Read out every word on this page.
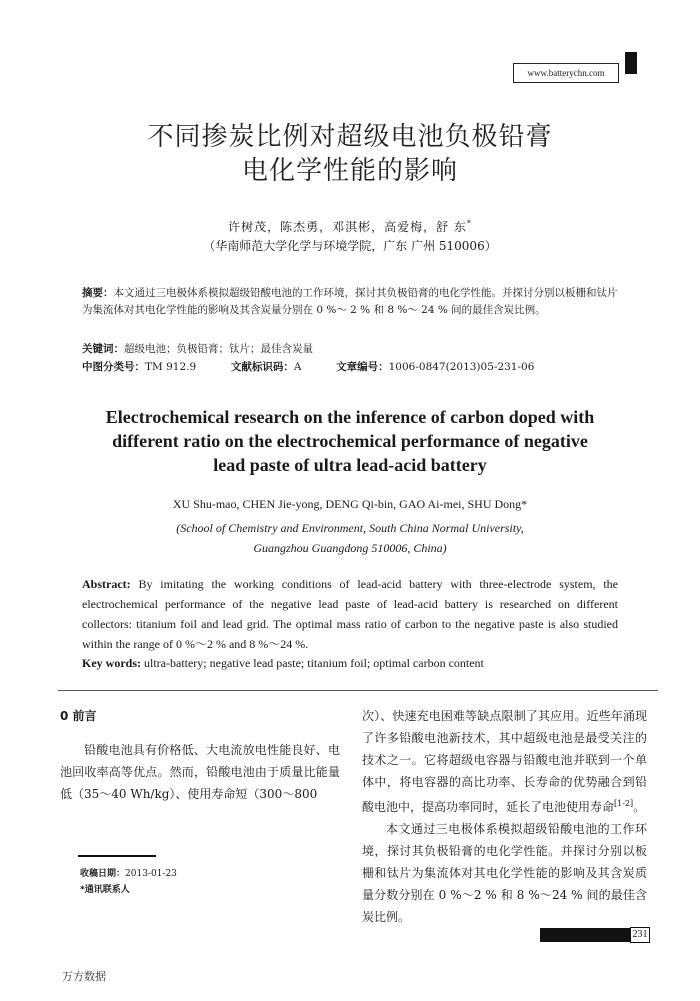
www.batterychn.com
不同掺炭比例对超级电池负极铅膏
电化学性能的影响
许树茂，陈杰勇，邓淇彬，高爱梅，舒 东*
（华南师范大学化学与环境学院，广东 广州 510006）
摘要：本文通过三电极体系模拟超级铅酸电池的工作环境，探讨其负极铅膏的电化学性能。并探讨分别以板栅和钛片为集流体对其电化学性能的影响及其含炭量分别在 0 %～ 2 % 和 8 %～ 24 % 间的最佳含炭比例。
关键词：超级电池；负极铅膏；钛片；最佳含炭量
中图分类号：TM 912.9	文献标识码：A	文章编号：1006-0847(2013)05-231-06
Electrochemical research on the inference of carbon doped with
different ratio on the electrochemical performance of negative
lead paste of ultra lead-acid battery
XU Shu-mao, CHEN Jie-yong, DENG Qi-bin, GAO Ai-mei, SHU Dong*
(School of Chemistry and Environment, South China Normal University,
Guangzhou Guangdong 510006, China)
Abstract: By imitating the working conditions of lead-acid battery with three-electrode system, the electrochemical performance of the negative lead paste of lead-acid battery is researched on different collectors: titanium foil and lead grid. The optimal mass ratio of carbon to the negative paste is also studied within the range of 0 %～2 % and 8 %～24 %.
Key words: ultra-battery; negative lead paste; titanium foil; optimal carbon content
0 前言

铅酸电池具有价格低、大电流放电性能良好、电池回收率高等优点。然而，铅酸电池由于质量比能量低（35～40 Wh/kg）、使用寿命短（300～800

次）、快速充电困难等缺点限制了其应用。近些年涌现了许多铅酸电池新技术，其中超级电池是最受关注的技术之一。它将超级电容器与铅酸电池并联到一个单体中，将电容器的高比功率、长寿命的优势融合到铅酸电池中，提高功率同时，延长了电池使用寿命[1-2]。

本文通过三电极体系模拟超级铅酸电池的工作环境，探讨其负极铅膏的电化学性能。并探讨分别以板栅和钛片为集流体对其电化学性能的影响及其含炭质量分数分别在 0 %～2 % 和 8 %～24 % 间的最佳含炭比例。

收稿日期：2013-01-23
*通讯联系人
231
万方数据
